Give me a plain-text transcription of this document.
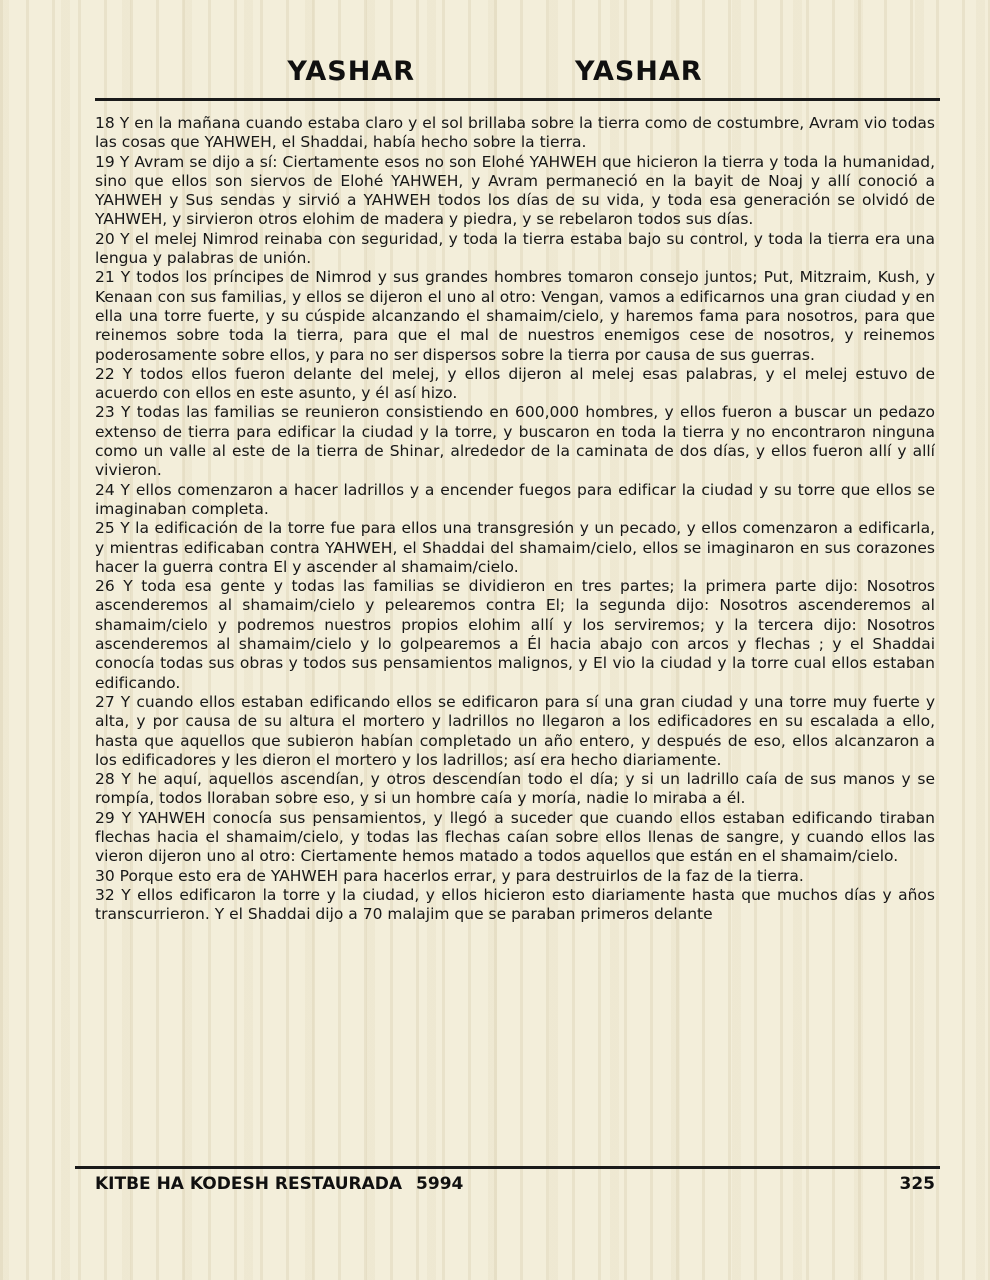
YASHAR	YASHAR

18 Y en la mañana cuando estaba claro y el sol brillaba sobre la tierra como de costumbre, Avram vio todas las cosas que YAHWEH, el Shaddai, había hecho sobre la tierra.

19 Y Avram se dijo a sí: Ciertamente esos no son Elohé YAHWEH que hicieron la tierra y toda la humanidad, sino que ellos son siervos de Elohé YAHWEH, y Avram permaneció en la bayit de Noaj y allí conoció a YAHWEH y Sus sendas y sirvió a YAHWEH todos los días de su vida, y toda esa generación se olvidó de YAHWEH, y sirvieron otros elohim de madera y piedra, y se rebelaron todos sus días.

20 Y el melej Nimrod reinaba con seguridad, y toda la tierra estaba bajo su control, y toda la tierra era una lengua y palabras de unión.

21 Y todos los príncipes de Nimrod y sus grandes hombres tomaron consejo juntos; Put, Mitzraim, Kush, y Kenaan con sus familias, y ellos se dijeron el uno al otro: Vengan, vamos a edificarnos una gran ciudad y en ella una torre fuerte, y su cúspide alcanzando el shamaim/cielo, y haremos fama para nosotros, para que reinemos sobre toda la tierra, para que el mal de nuestros enemigos cese de nosotros, y reinemos poderosamente sobre ellos, y para no ser dispersos sobre la tierra por causa de sus guerras.

22 Y todos ellos fueron delante del melej, y ellos dijeron al melej esas palabras, y el melej estuvo de acuerdo con ellos en este asunto, y él así hizo.

23 Y todas las familias se reunieron consistiendo en 600,000 hombres, y ellos fueron a buscar un pedazo extenso de tierra para edificar la ciudad y la torre, y buscaron en toda la tierra y no encontraron ninguna como un valle al este de la tierra de Shinar, alrededor de la caminata de dos días, y ellos fueron allí y allí vivieron.

24 Y ellos comenzaron a hacer ladrillos y a encender fuegos para edificar la ciudad y su torre que ellos se imaginaban completa.

25 Y la edificación de la torre fue para ellos una transgresión y un pecado, y ellos comenzaron a edificarla, y mientras edificaban contra YAHWEH, el Shaddai del shamaim/cielo, ellos se imaginaron en sus corazones hacer la guerra contra El y ascender al shamaim/cielo.

26 Y toda esa gente y todas las familias se dividieron en tres partes; la primera parte dijo: Nosotros ascenderemos al shamaim/cielo y pelearemos contra El; la segunda dijo: Nosotros ascenderemos al shamaim/cielo y podremos nuestros propios elohim allí y los serviremos; y la tercera dijo: Nosotros ascenderemos al shamaim/cielo y lo golpearemos a Él hacia abajo con arcos y flechas ; y el Shaddai conocía todas sus obras y todos sus pensamientos malignos, y El vio la ciudad y la torre cual ellos estaban edificando.

27 Y cuando ellos estaban edificando ellos se edificaron para sí una gran ciudad y una torre muy fuerte y alta, y por causa de su altura el mortero y ladrillos no llegaron a los edificadores en su escalada a ello, hasta que aquellos que subieron habían completado un año entero, y después de eso, ellos alcanzaron a los edificadores y les dieron el mortero y los ladrillos; así era hecho diariamente.

28 Y he aquí, aquellos ascendían, y otros descendían todo el día; y si un ladrillo caía de sus manos y se rompía, todos lloraban sobre eso, y si un hombre caía y moría, nadie lo miraba a él.

29 Y YAHWEH conocía sus pensamientos, y llegó a suceder que cuando ellos estaban edificando tiraban flechas hacia el shamaim/cielo, y todas las flechas caían sobre ellos llenas de sangre, y cuando ellos las vieron dijeron uno al otro: Ciertamente hemos matado a todos aquellos que están en el shamaim/cielo.

30 Porque esto era de YAHWEH para hacerlos errar, y para destruirlos de la faz de la tierra.

32 Y ellos edificaron la torre y la ciudad, y ellos hicieron esto diariamente hasta que muchos días y años transcurrieron. Y el Shaddai dijo a 70 malajim que se paraban primeros delante

KITBE HA KODESH RESTAURADA 5994	325
